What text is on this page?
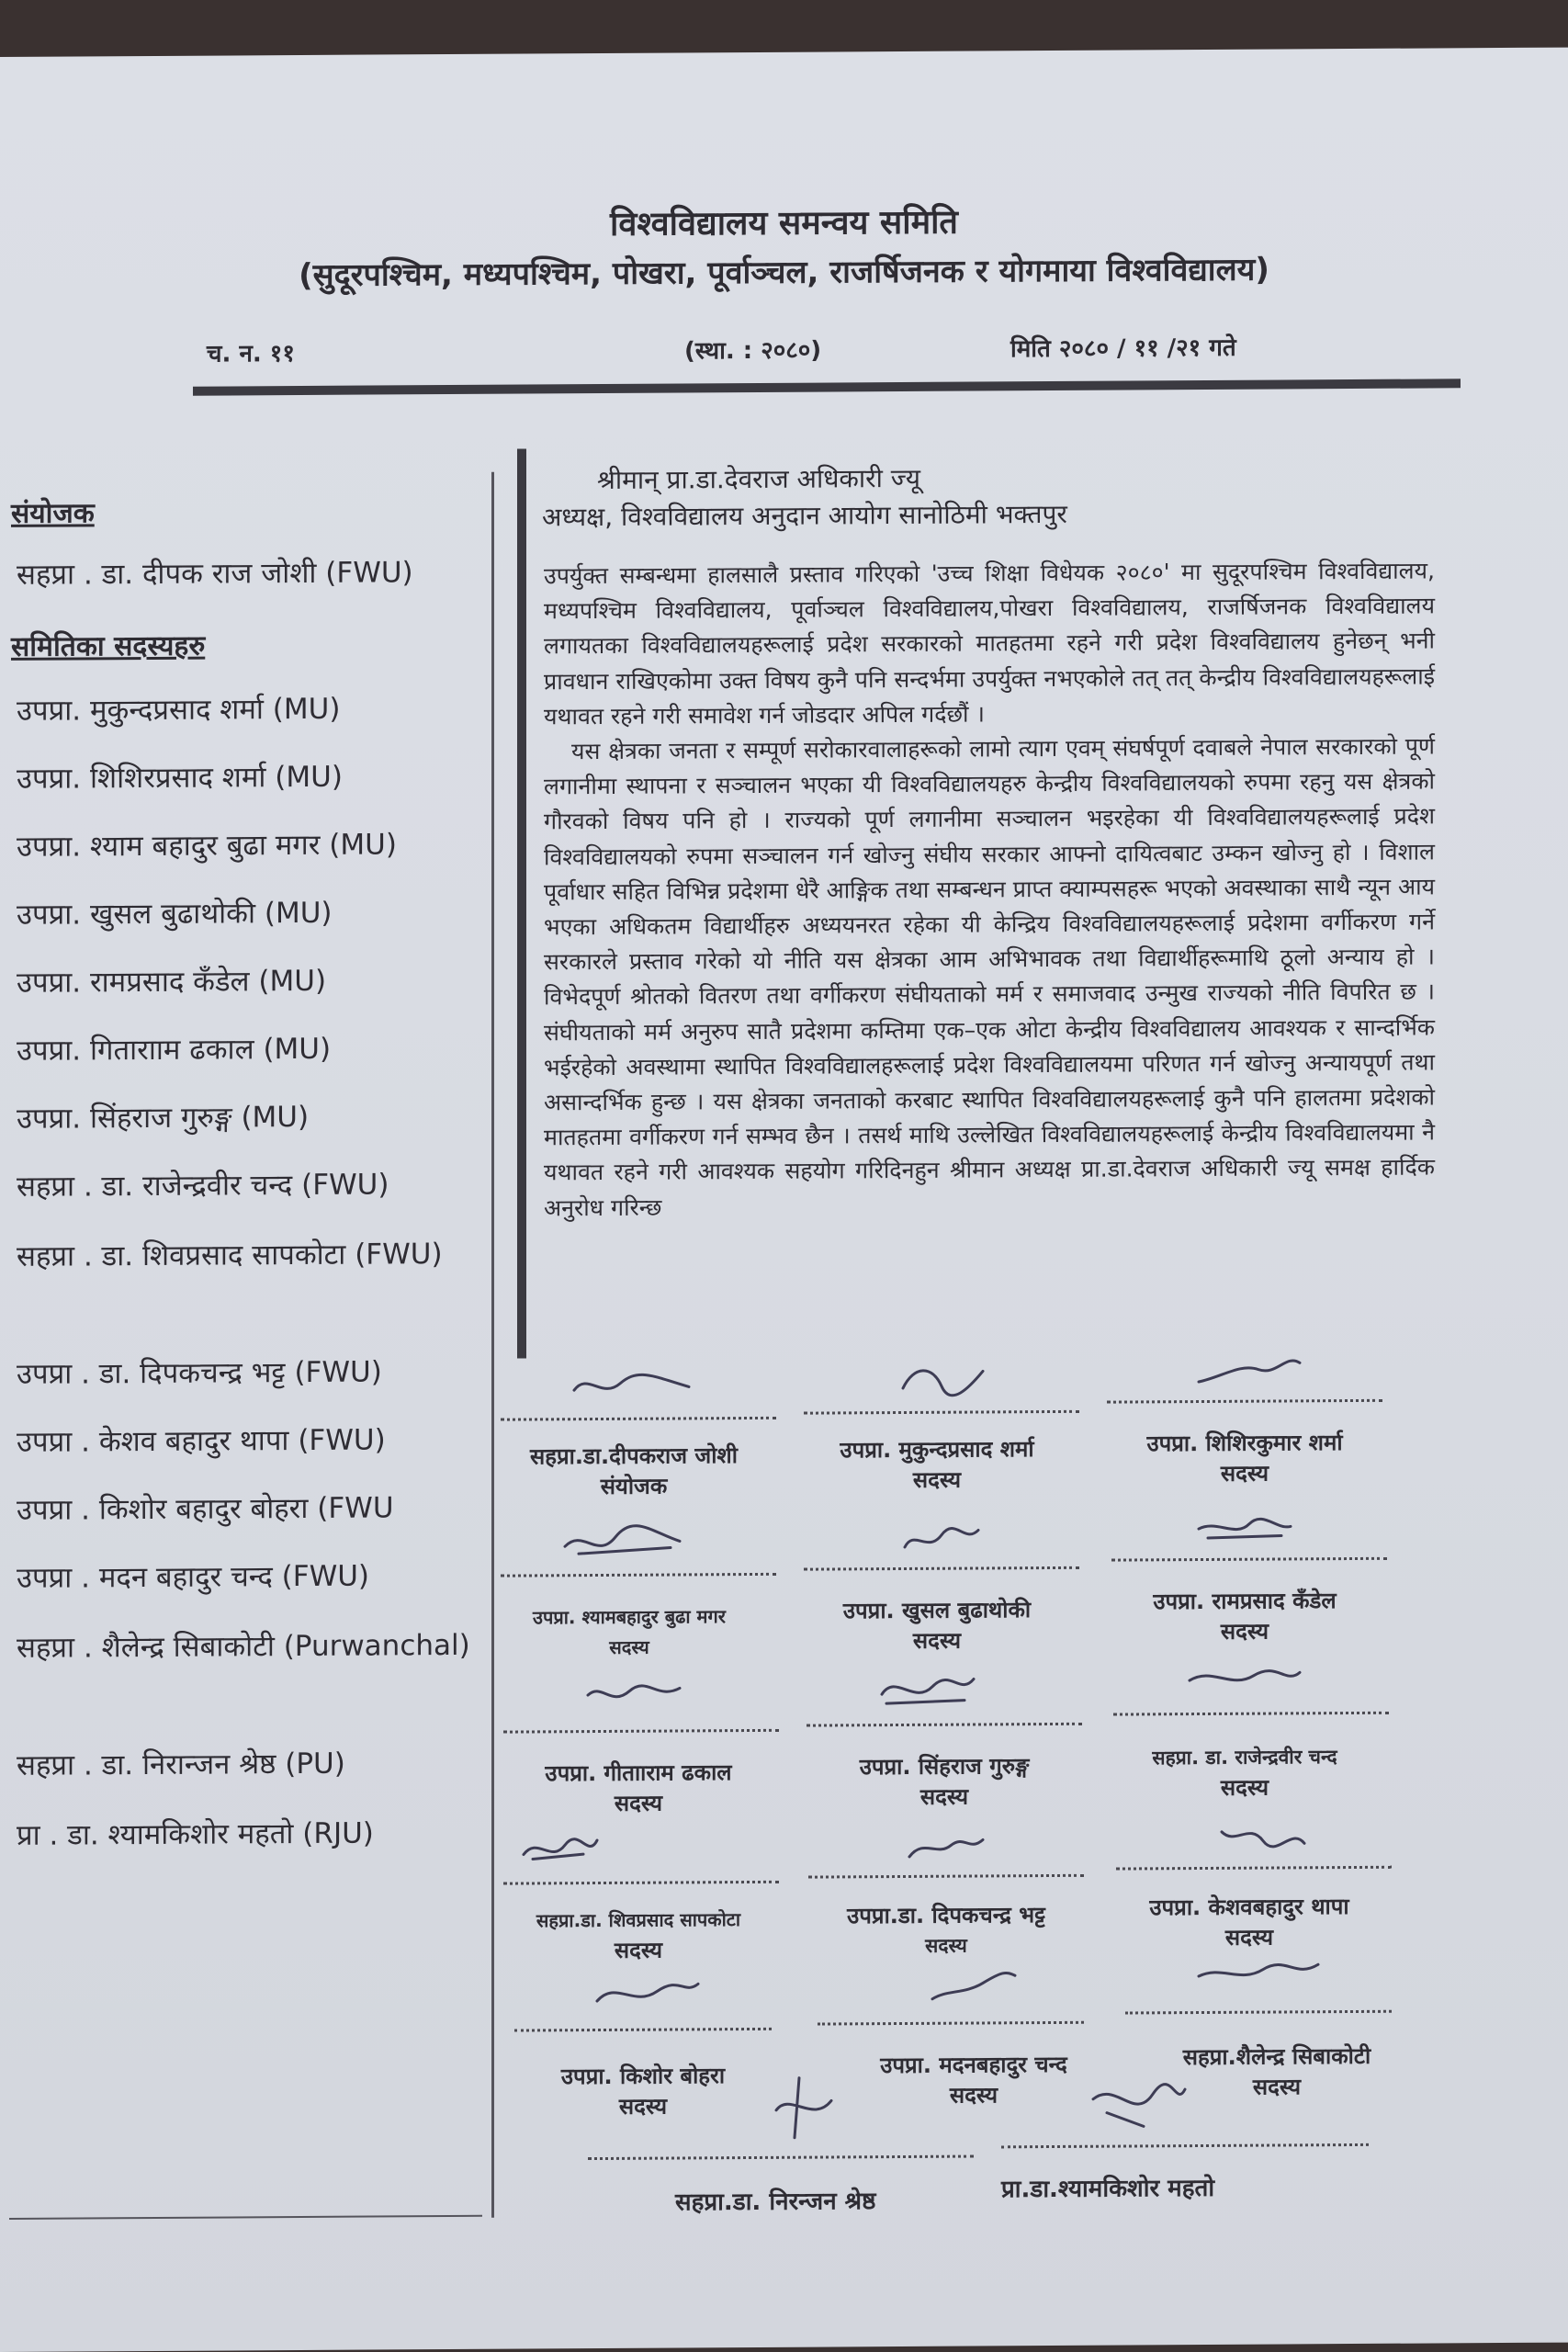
विश्वविद्यालय समन्वय समिति
(सुदूरपश्चिम, मध्यपश्चिम, पोखरा, पूर्वाञ्चल, राजर्षिजनक र योगमाया विश्वविद्यालय)
च. न. ११	(स्था. : २०८०)	मिति २०८० / ११ /२१ गते
संयोजक
सहप्रा . डा. दीपक राज जोशी (FWU)
समितिका सदस्यहरु
उपप्रा. मुकुन्दप्रसाद शर्मा (MU)
उपप्रा. शिशिरप्रसाद शर्मा (MU)
उपप्रा. श्याम बहादुर बुढा मगर (MU)
उपप्रा. खुसल बुढाथोकी (MU)
उपप्रा. रामप्रसाद कँडेल (MU)
उपप्रा. गितारााम ढकाल (MU)
उपप्रा. सिंहराज गुरुङ्ग (MU)
सहप्रा . डा. राजेन्द्रवीर चन्द (FWU)
सहप्रा . डा. शिवप्रसाद सापकोटा (FWU)
उपप्रा . डा. दिपकचन्द्र भट्ट (FWU)
उपप्रा . केशव बहादुर थापा (FWU)
उपप्रा . किशोर बहादुर बोहरा (FWU
उपप्रा . मदन बहादुर चन्द (FWU)
सहप्रा . शैलेन्द्र सिबाकोटी (Purwanchal)
सहप्रा . डा. निरान्जन श्रेष्ठ (PU)
प्रा . डा. श्यामकिशोर महतो (RJU)
श्रीमान् प्रा.डा.देवराज अधिकारी ज्यू
अध्यक्ष, विश्वविद्यालय अनुदान आयोग सानोठिमी भक्तपुर

उपर्युक्त सम्बन्धमा हालसालै प्रस्ताव गरिएको 'उच्च शिक्षा विधेयक २०८०' मा सुदूरपश्चिम विश्वविद्यालय, मध्यपश्चिम विश्वविद्यालय, पूर्वाञ्चल विश्वविद्यालय,पोखरा विश्वविद्यालय, राजर्षिजनक विश्वविद्यालय लगायतका विश्वविद्यालयहरूलाई प्रदेश सरकारको मातहतमा रहने गरी प्रदेश विश्वविद्यालय हुनेछन् भनी प्रावधान राखिएकोमा उक्त विषय कुनै पनि सन्दर्भमा उपर्युक्त नभएकोले तत् तत् केन्द्रीय विश्वविद्यालयहरूलाई यथावत रहने गरी समावेश गर्न जोडदार अपिल गर्दछौं ।

यस क्षेत्रका जनता र सम्पूर्ण सरोकारवालाहरूको लामो त्याग एवम् संघर्षपूर्ण दवाबले नेपाल सरकारको पूर्ण लगानीमा स्थापना र सञ्चालन भएका यी विश्वविद्यालयहरु केन्द्रीय विश्वविद्यालयको रुपमा रहनु यस क्षेत्रको गौरवको विषय पनि हो । राज्यको पूर्ण लगानीमा सञ्चालन भइरहेका यी विश्वविद्यालयहरूलाई प्रदेश विश्वविद्यालयको रुपमा सञ्चालन गर्न खोज्नु संघीय सरकार आफ्नो दायित्वबाट उम्कन खोज्नु हो । विशाल पूर्वाधार सहित विभिन्न प्रदेशमा धेरै आङ्गिक तथा सम्बन्धन प्राप्त क्याम्पसहरू भएको अवस्थाका साथै न्यून आय भएका अधिकतम विद्यार्थीहरु अध्ययनरत रहेका यी केन्द्रिय विश्वविद्यालयहरूलाई प्रदेशमा वर्गीकरण गर्ने सरकारले प्रस्ताव गरेको यो नीति यस क्षेत्रका आम अभिभावक तथा विद्यार्थीहरूमाथि ठूलो अन्याय हो । विभेदपूर्ण श्रोतको वितरण तथा वर्गीकरण संघीयताको मर्म र समाजवाद उन्मुख राज्यको नीति विपरित छ । संघीयताको मर्म अनुरुप सातै प्रदेशमा कम्तिमा एक–एक ओटा केन्द्रीय विश्वविद्यालय आवश्यक र सान्दर्भिक भईरहेको अवस्थामा स्थापित विश्वविद्यालहरूलाई प्रदेश विश्वविद्यालयमा परिणत गर्न खोज्नु अन्यायपूर्ण तथा असान्दर्भिक हुन्छ । यस क्षेत्रका जनताको करबाट स्थापित विश्वविद्यालयहरूलाई कुनै पनि हालतमा प्रदेशको मातहतमा वर्गीकरण गर्न सम्भव छैन । तसर्थ माथि उल्लेखित विश्वविद्यालयहरूलाई केन्द्रीय विश्वविद्यालयमा नै यथावत रहने गरी आवश्यक सहयोग गरिदिनहुन श्रीमान अध्यक्ष प्रा.डा.देवराज अधिकारी ज्यू समक्ष हार्दिक अनुरोध गरिन्छ

सहप्रा.डा.दीपकराज जोशी
संयोजक
उपप्रा. मुकुन्दप्रसाद शर्मा
सदस्य
उपप्रा. शिशिरकुमार शर्मा
सदस्य
उपप्रा. श्यामबहादुर बुढा मगर
सदस्य
उपप्रा. खुसल बुढाथोकी
सदस्य
उपप्रा. रामप्रसाद कँडेल
सदस्य
उपप्रा. गीतााराम ढकाल
सदस्य
उपप्रा. सिंहराज गुरुङ्ग
सदस्य
सहप्रा. डा. राजेन्द्रवीर चन्द
सदस्य
सहप्रा.डा. शिवप्रसाद सापकोटा
सदस्य
उपप्रा.डा. दिपकचन्द्र भट्ट
सदस्य
उपप्रा. केशवबहादुर थापा
सदस्य
उपप्रा. किशोर बोहरा
सदस्य
उपप्रा. मदनबहादुर चन्द
सदस्य
सहप्रा.शैलेन्द्र सिबाकोटी
सदस्य
सहप्रा.डा. निरन्जन श्रेष्ठ	प्रा.डा.श्यामकिशोर महतो
